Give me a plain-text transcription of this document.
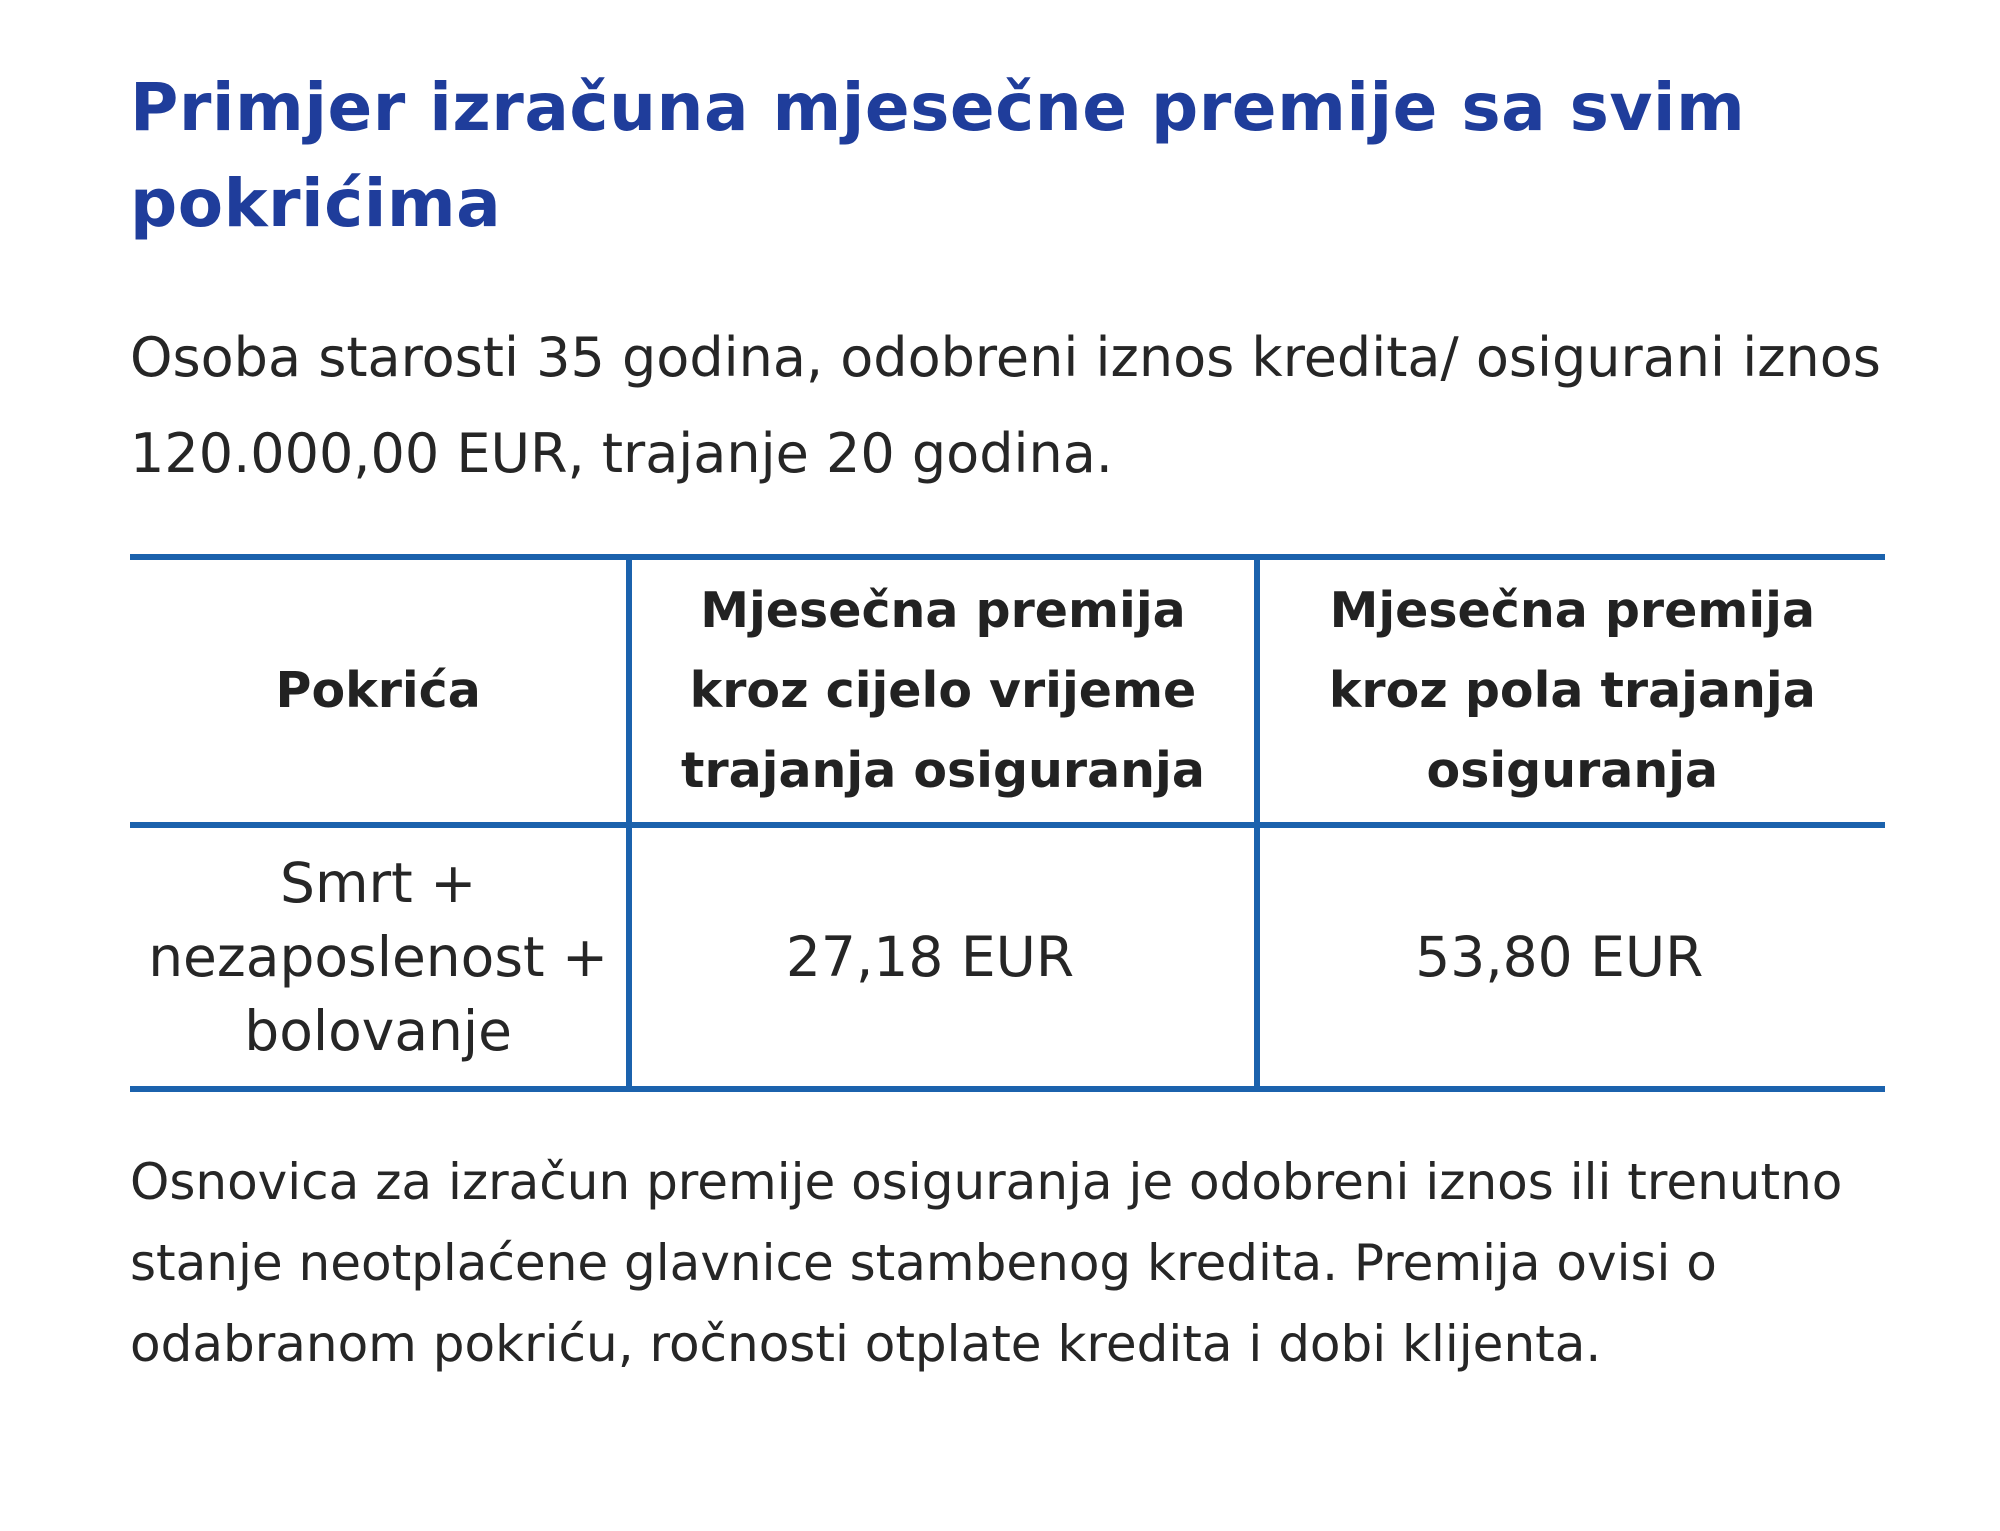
Primjer izračuna mjesečne premije sa svim pokrićima

Osoba starosti 35 godina, odobreni iznos kredita/ osigurani iznos 120.000,00 EUR, trajanje 20 godina.

Pokrića	Mjesečna premija kroz cijelo vrijeme trajanja osiguranja	Mjesečna premija kroz pola trajanja osiguranja
Smrt + nezaposlenost + bolovanje	27,18 EUR	53,80 EUR

Osnovica za izračun premije osiguranja je odobreni iznos ili trenutno stanje neotplaćene glavnice stambenog kredita. Premija ovisi o odabranom pokriću, ročnosti otplate kredita i dobi klijenta.
